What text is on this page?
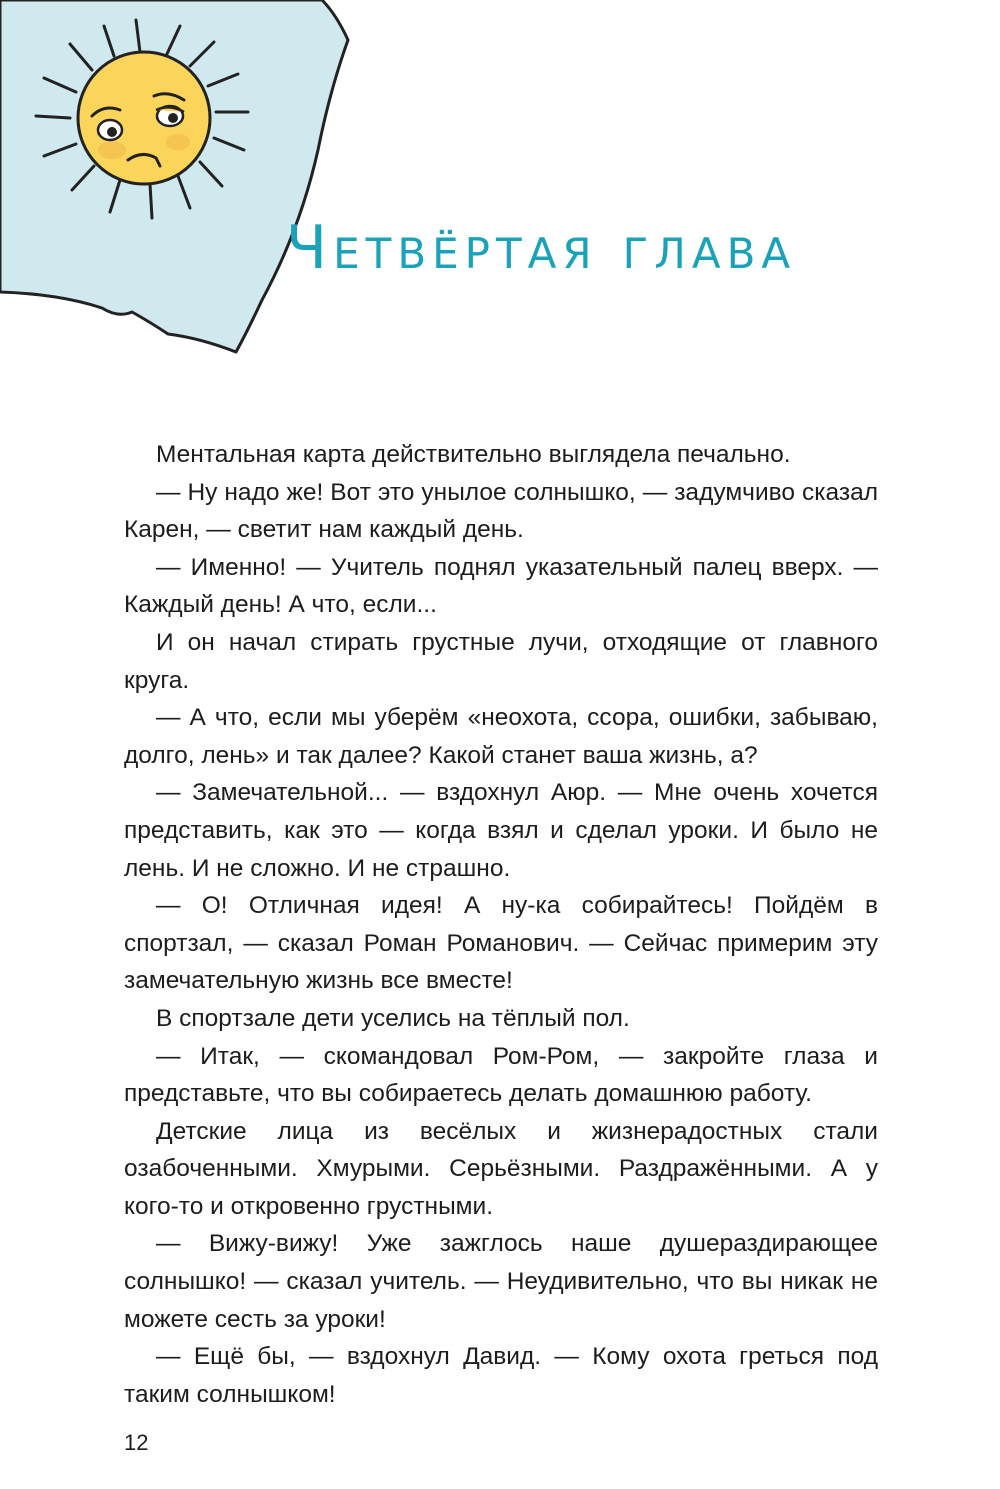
Четвёртая глава

Ментальная карта действительно выглядела печально.

— Ну надо же! Вот это унылое солнышко, — задумчиво сказал Карен, — светит нам каждый день.

— Именно! — Учитель поднял указательный палец вверх. — Каждый день! А что, если...

И он начал стирать грустные лучи, отходящие от главного круга.

— А что, если мы уберём «неохота, ссора, ошибки, забываю, долго, лень» и так далее? Какой станет ваша жизнь, а?

— Замечательной... — вздохнул Аюр. — Мне очень хочется представить, как это — когда взял и сделал уроки. И было не лень. И не сложно. И не страшно.

— О! Отличная идея! А ну-ка собирайтесь! Пойдём в спортзал, — сказал Роман Романович. — Сейчас примерим эту замечательную жизнь все вместе!

В спортзале дети уселись на тёплый пол.

— Итак, — скомандовал Ром-Ром, — закройте глаза и представьте, что вы собираетесь делать домашнюю работу.

Детские лица из весёлых и жизнерадостных стали озабоченными. Хмурыми. Серьёзными. Раздражёнными. А у кого-то и откровенно грустными.

— Вижу-вижу! Уже зажглось наше душераздирающее солнышко! — сказал учитель. — Неудивительно, что вы никак не можете сесть за уроки!

— Ещё бы, — вздохнул Давид. — Кому охота греться под таким солнышком!

12
